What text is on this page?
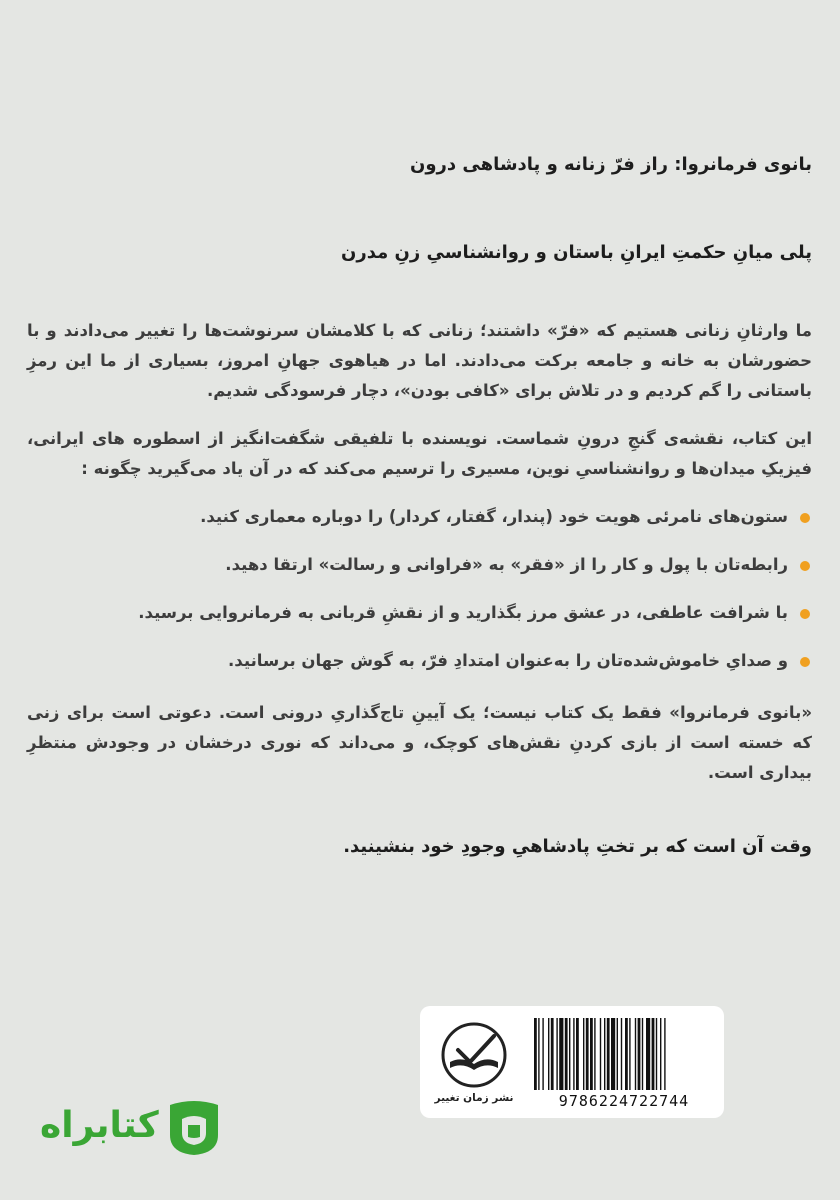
بانوی فرمانروا: راز فرّ زنانه و پادشاهی درون
پلی میانِ حکمتِ ایرانِ باستان و روانشناسیِ زنِ مدرن

ما وارثانِ زنانی هستیم که «فرّ» داشتند؛ زنانی که با کلامشان سرنوشت‌ها را تغییر می‌دادند و با حضورشان به خانه و جامعه برکت می‌دادند. اما در هیاهوی جهانِ امروز، بسیاری از ما این رمزِ باستانی را گم کردیم و در تلاش برای «کافی بودن»، دچار فرسودگی شدیم.

این کتاب، نقشه‌ی گنجِ درونِ شماست. نویسنده با تلفیقی شگفت‌انگیز از اسطوره های ایرانی، فیزیکِ میدان‌ها و روانشناسیِ نوین، مسیری را ترسیم می‌کند که در آن یاد می‌گیرید چگونه :

ستون‌های نامرئی هویت خود (پندار، گفتار، کردار) را دوباره معماری کنید.
رابطه‌تان با پول و کار را از «فقر» به «فراوانی و رسالت» ارتقا دهید.
با شرافت عاطفی، در عشق مرز بگذارید و از نقشِ قربانی به فرمانروایی برسید.
و صدایِ خاموش‌شده‌تان را به‌عنوان امتدادِ فرّ، به گوش جهان برسانید.

«بانوی فرمانروا» فقط یک کتاب نیست؛ یک آیینِ تاج‌گذاریِ درونی است. دعوتی است برای زنی که خسته است از بازی کردنِ نقش‌های کوچک، و می‌داند که نوری درخشان در وجودش منتظرِ بیداری است.

وقت آن است که بر تختِ پادشاهیِ وجودِ خود بنشینید.
نشر زمان تغییر	9786224722744
کتابراه
